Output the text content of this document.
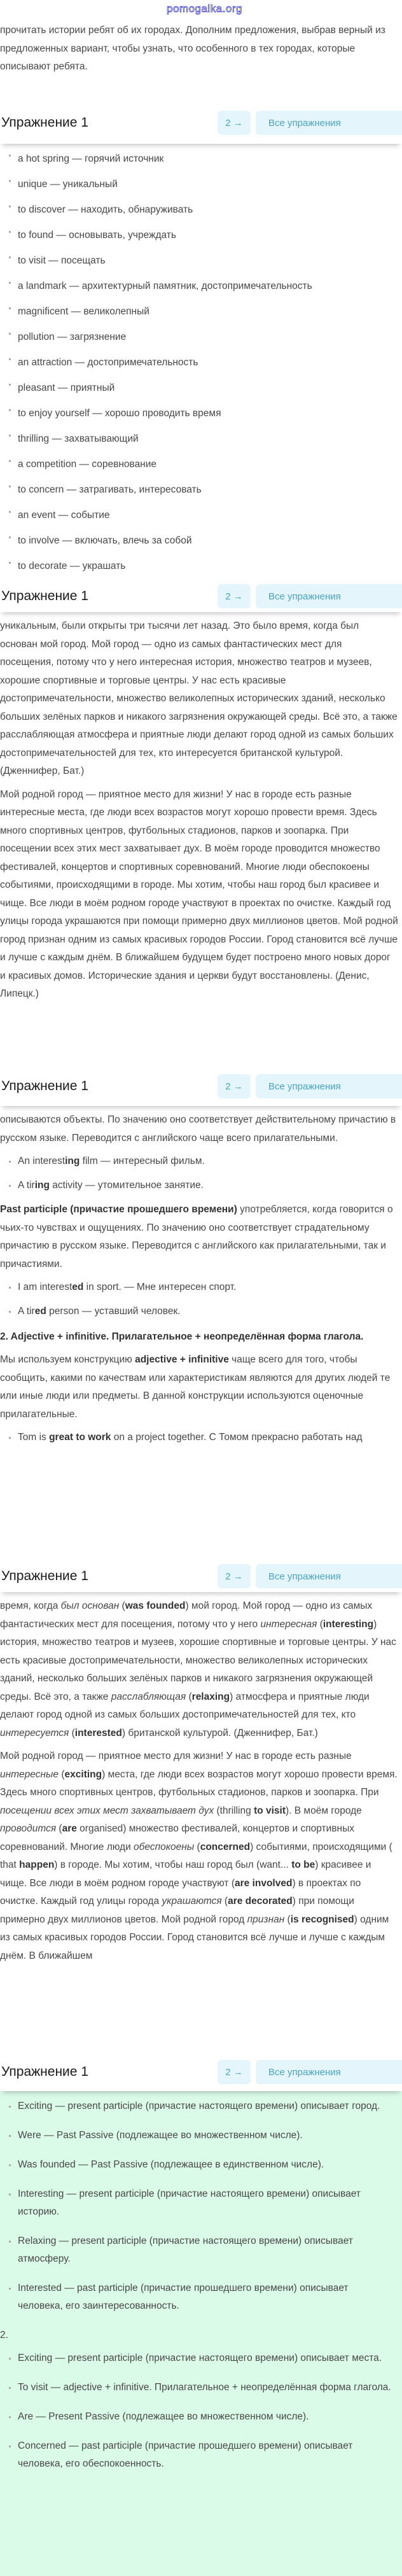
pomogalka.org

прочитать истории ребят об их городах. Дополним предложения, выбрав верный из предложенных вариант, чтобы узнать, что особенного в тех городах, которые описывают ребята.

Упражнение 1	2 →	Все упражнения
a hot spring — горячий источник
unique — уникальный
to discover — находить, обнаруживать
to found — основывать, учреждать
to visit — посещать
a landmark — архитектурный памятник, достопримечательность
magnificent — великолепный
pollution — загрязнение
an attraction — достопримечательность
pleasant — приятный
to enjoy yourself — хорошо проводить время
thrilling — захватывающий
a competition — соревнование
to concern — затрагивать, интересовать
an event — событие
to involve — включать, влечь за собой
to decorate — украшать
Упражнение 1	2 →	Все упражнения

уникальным, были открыты три тысячи лет назад. Это было время, когда был основан мой город. Мой город — одно из самых фантастических мест для посещения, потому что у него интересная история, множество театров и музеев, хорошие спортивные и торговые центры. У нас есть красивые достопримечательности, множество великолепных исторических зданий, несколько больших зелёных парков и никакого загрязнения окружающей среды. Всё это, а также расслабляющая атмосфера и приятные люди делают город одной из самых больших достопримечательностей для тех, кто интересуется британской культурой. (Дженнифер, Бат.)

Мой родной город — приятное место для жизни! У нас в городе есть разные интересные места, где люди всех возрастов могут хорошо провести время. Здесь много спортивных центров, футбольных стадионов, парков и зоопарка. При посещении всех этих мест захватывает дух. В моём городе проводится множество фестивалей, концертов и спортивных соревнований. Многие люди обеспокоены событиями, происходящими в городе. Мы хотим, чтобы наш город был красивее и чище. Все люди в моём родном городе участвуют в проектах по очистке. Каждый год улицы города украшаются при помощи примерно двух миллионов цветов. Мой родной город признан одним из самых красивых городов России. Город становится всё лучше и лучше с каждым днём. В ближайшем будущем будет построено много новых дорог и красивых домов. Исторические здания и церкви будут восстановлены. (Денис, Липецк.)

Упражнение 1	2 →	Все упражнения

описываются объекты. По значению оно соответствует действительному причастию в русском языке. Переводится с английского чаще всего прилагательными.

An interesting film — интересный фильм.
A tiring activity — утомительное занятие.

Past participle (причастие прошедшего времени) употребляется, когда говорится о чьих-то чувствах и ощущениях. По значению оно соответствует страдательному причастию в русском языке. Переводится с английского как прилагательными, так и причастиями.

I am interested in sport. — Мне интересен спорт.
A tired person — уставший человек.
2. Adjective + infinitive. Прилагательное + неопределённая форма глагола.

Мы используем конструкцию adjective + infinitive чаще всего для того, чтобы сообщить, какими по качествам или характеристикам являются для других людей те или иные люди или предметы. В данной конструкции используются оценочные прилагательные.

Tom is great to work on a project together. С Томом прекрасно работать над
Упражнение 1	2 →	Все упражнения

время, когда был основан (was founded) мой город. Мой город — одно из самых фантастических мест для посещения, потому что у него интересная (interesting) история, множество театров и музеев, хорошие спортивные и торговые центры. У нас есть красивые достопримечательности, множество великолепных исторических зданий, несколько больших зелёных парков и никакого загрязнения окружающей среды. Всё это, а также расслабляющая (relaxing) атмосфера и приятные люди делают город одной из самых больших достопримечательностей для тех, кто интересуется (interested) британской культурой. (Дженнифер, Бат.)

Мой родной город — приятное место для жизни! У нас в городе есть разные интересные (exciting) места, где люди всех возрастов могут хорошо провести время. Здесь много спортивных центров, футбольных стадионов, парков и зоопарка. При посещении всех этих мест захватывает дух (thrilling to visit). В моём городе проводится (are organised) множество фестивалей, концертов и спортивных соревнований. Многие люди обеспокоены (concerned) событиями, происходящими ( that happen) в городе. Мы хотим, чтобы наш город был (want... to be) красивее и чище. Все люди в моём родном городе участвуют (are involved) в проектах по очистке. Каждый год улицы города украшаются (are decorated) при помощи примерно двух миллионов цветов. Мой родной город признан (is recognised) одним из самых красивых городов России. Город становится всё лучше и лучше с каждым днём. В ближайшем

Упражнение 1	2 →	Все упражнения
Exciting — present participle (причастие настоящего времени) описывает город.
Were — Past Passive (подлежащее во множественном числе).
Was founded — Past Passive (подлежащее в единственном числе).
Interesting — present participle (причастие настоящего времени) описывает историю.
Relaxing — present participle (причастие настоящего времени) описывает атмосферу.
Interested — past participle (причастие прошедшего времени) описывает человека, его заинтересованность.
2.
Exciting — present participle (причастие настоящего времени) описывает места.
To visit — adjective + infinitive. Прилагательное + неопределённая форма глагола.
Are — Present Passive (подлежащее во множественном числе).
Concerned — past participle (причастие прошедшего времени) описывает человека, его обеспокоенность.
